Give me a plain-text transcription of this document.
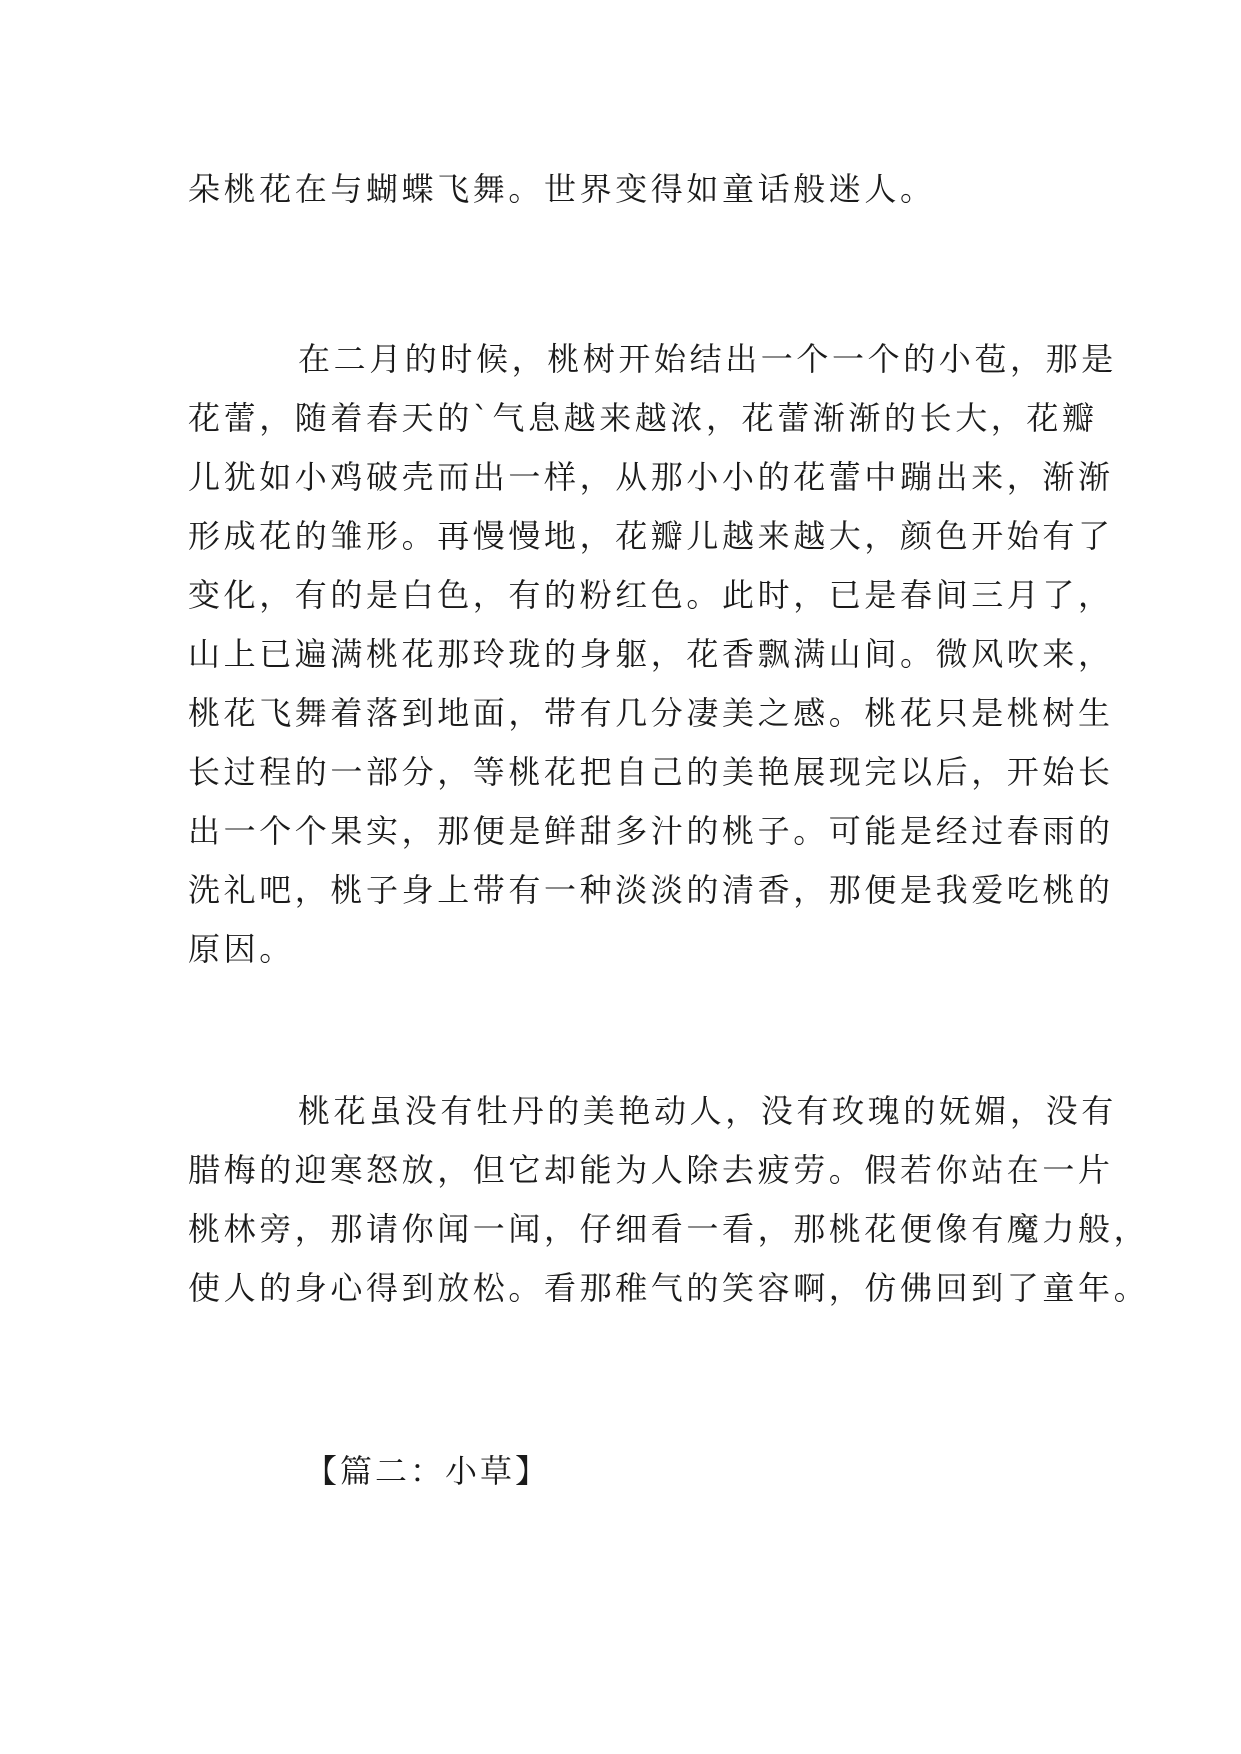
朵桃花在与蝴蝶飞舞。世界变得如童话般迷人。

在二月的时候，桃树开始结出一个一个的小苞，那是
花蕾，随着春天的`气息越来越浓，花蕾渐渐的长大，花瓣
儿犹如小鸡破壳而出一样，从那小小的花蕾中蹦出来，渐渐
形成花的雏形。再慢慢地，花瓣儿越来越大，颜色开始有了
变化，有的是白色，有的粉红色。此时，已是春间三月了，
山上已遍满桃花那玲珑的身躯，花香飘满山间。微风吹来，
桃花飞舞着落到地面，带有几分凄美之感。桃花只是桃树生
长过程的一部分，等桃花把自己的美艳展现完以后，开始长
出一个个果实，那便是鲜甜多汁的桃子。可能是经过春雨的
洗礼吧，桃子身上带有一种淡淡的清香，那便是我爱吃桃的
原因。

桃花虽没有牡丹的美艳动人，没有玫瑰的妩媚，没有
腊梅的迎寒怒放，但它却能为人除去疲劳。假若你站在一片
桃林旁，那请你闻一闻，仔细看一看，那桃花便像有魔力般，
使人的身心得到放松。看那稚气的笑容啊，仿佛回到了童年。

【篇二：小草】
